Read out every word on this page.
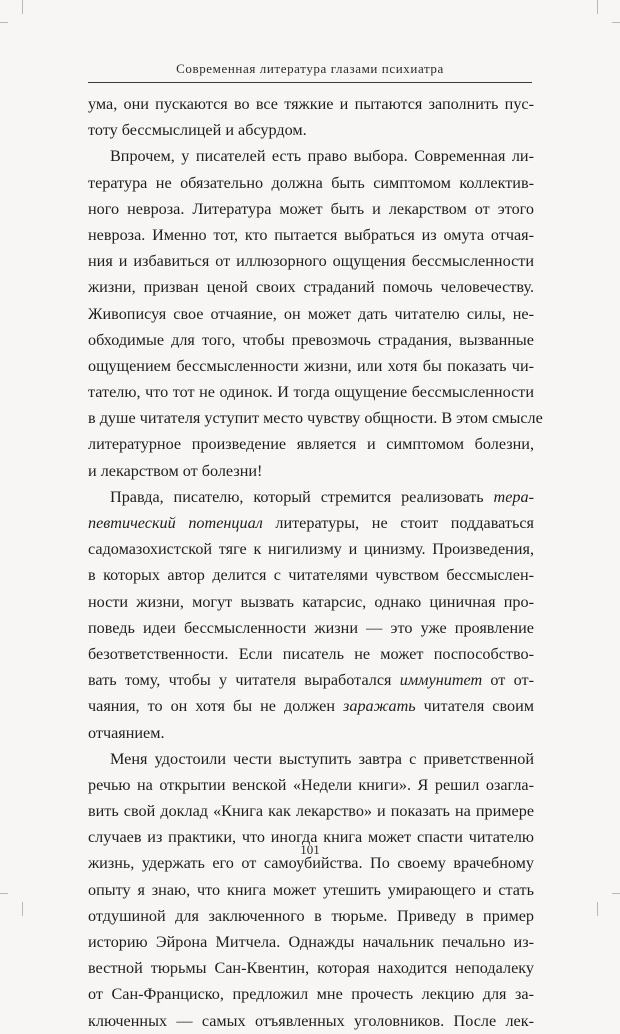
Современная литература глазами психиатра
ума, они пускаются во все тяжкие и пытаются заполнить пус-
тоту бессмыслицей и абсурдом.
Впрочем, у писателей есть право выбора. Современная ли-
тература не обязательно должна быть симптомом коллектив-
ного невроза. Литература может быть и лекарством от этого
невроза. Именно тот, кто пытается выбраться из омута отчая-
ния и избавиться от иллюзорного ощущения бессмысленности
жизни, призван ценой своих страданий помочь человечеству.
Живописуя свое отчаяние, он может дать читателю силы, не-
обходимые для того, чтобы превозмочь страдания, вызванные
ощущением бессмысленности жизни, или хотя бы показать чи-
тателю, что тот не одинок. И тогда ощущение бессмысленности
в душе читателя уступит место чувству общности. В этом смысле
литературное произведение является и симптомом болезни,
и лекарством от болезни!
Правда, писателю, который стремится реализовать тера-
певтический потенциал литературы, не стоит поддаваться
садомазохистской тяге к нигилизму и цинизму. Произведения,
в которых автор делится с читателями чувством бессмыслен-
ности жизни, могут вызвать катарсис, однако циничная про-
поведь идеи бессмысленности жизни — это уже проявление
безответственности. Если писатель не может поспособство-
вать тому, чтобы у читателя выработался иммунитет от от-
чаяния, то он хотя бы не должен заражать читателя своим
отчаянием.
Меня удостоили чести выступить завтра с приветственной
речью на открытии венской «Недели книги». Я решил озагла-
вить свой доклад «Книга как лекарство» и показать на примере
случаев из практики, что иногда книга может спасти читателю
жизнь, удержать его от самоубийства. По своему врачебному
опыту я знаю, что книга может утешить умирающего и стать
отдушиной для заключенного в тюрьме. Приведу в пример
историю Эйрона Митчела. Однажды начальник печально из-
вестной тюрьмы Сан-Квентин, которая находится неподалеку
от Сан-Франциско, предложил мне прочесть лекцию для за-
ключенных — самых отъявленных уголовников. После лек-
101
